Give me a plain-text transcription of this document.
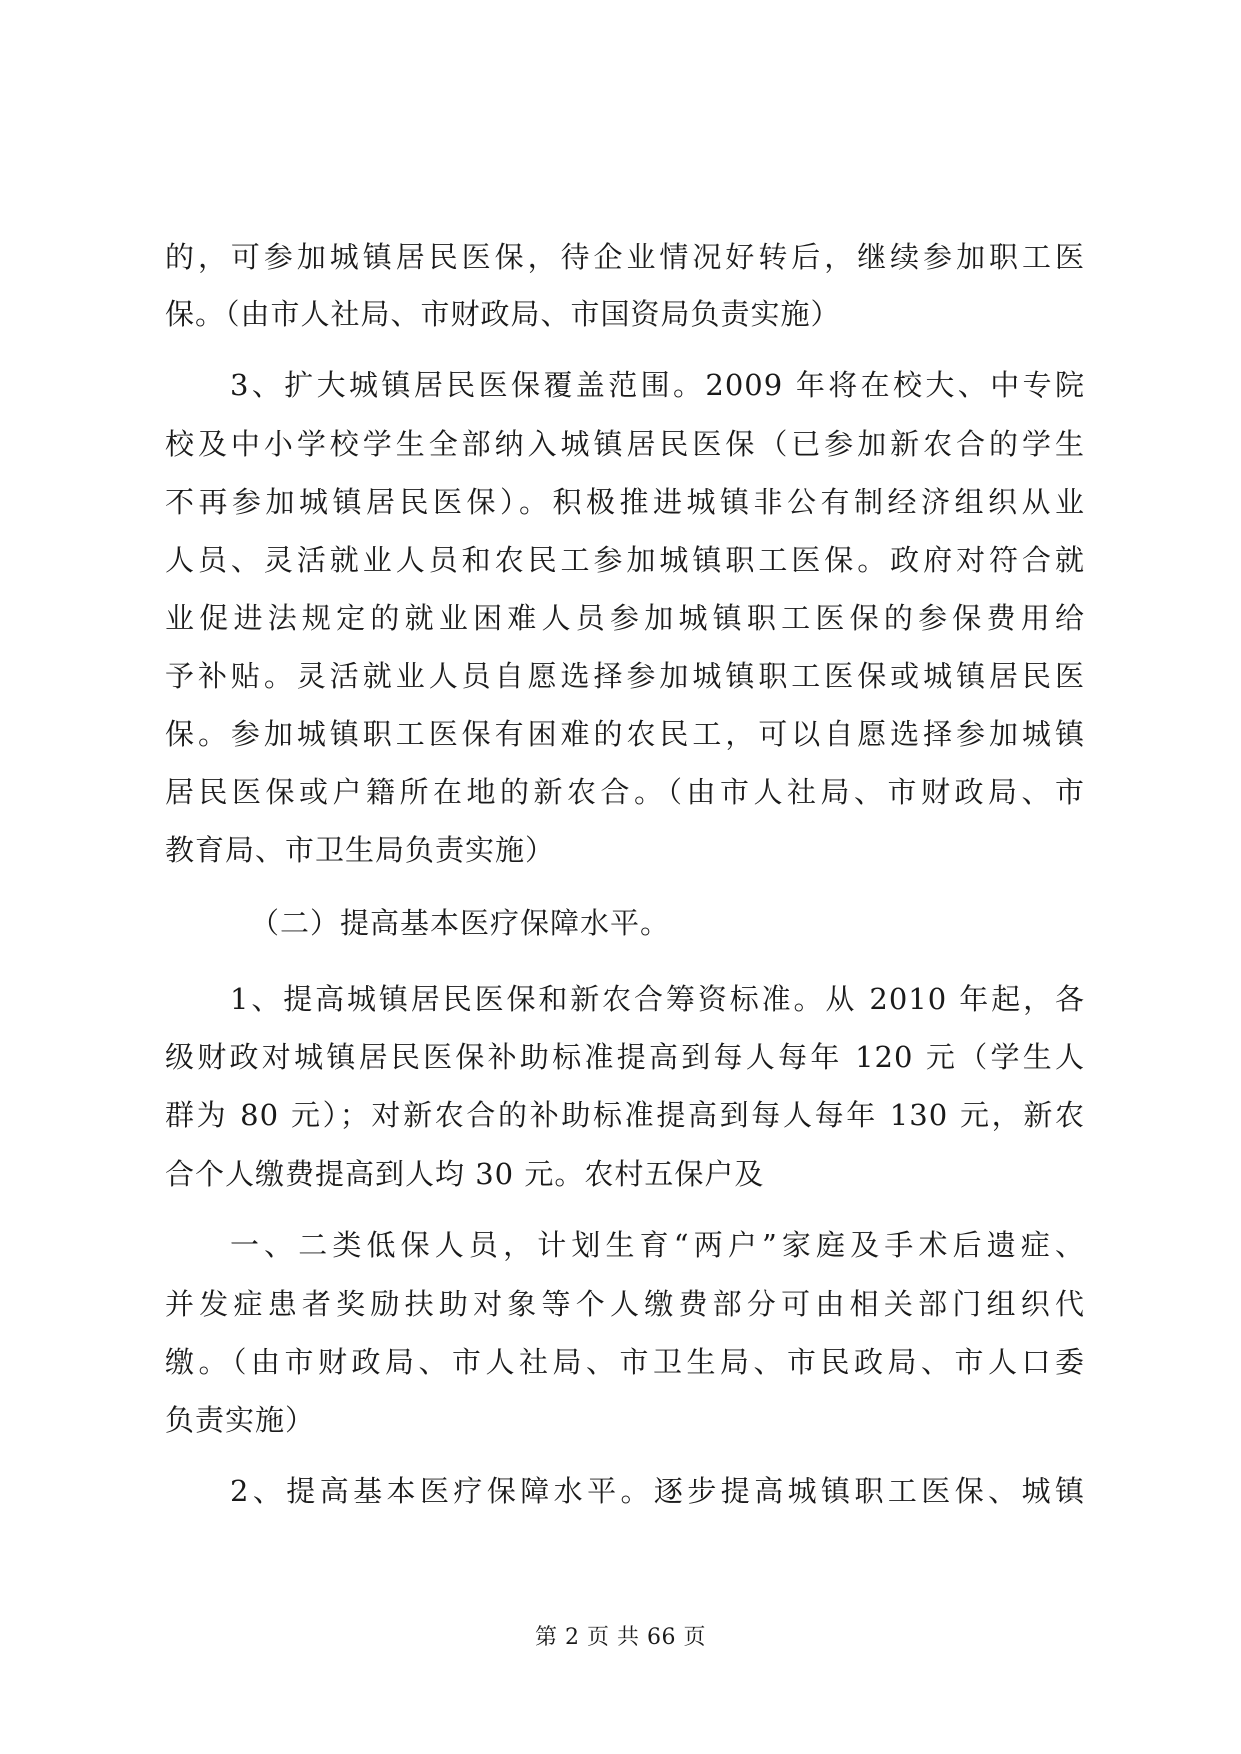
的，可参加城镇居民医保，待企业情况好转后，继续参加职工医
保。（由市人社局、市财政局、市国资局负责实施）
3、扩大城镇居民医保覆盖范围。2009 年将在校大、中专院
校及中小学校学生全部纳入城镇居民医保（已参加新农合的学生
不再参加城镇居民医保）。积极推进城镇非公有制经济组织从业
人员、灵活就业人员和农民工参加城镇职工医保。政府对符合就
业促进法规定的就业困难人员参加城镇职工医保的参保费用给
予补贴。灵活就业人员自愿选择参加城镇职工医保或城镇居民医
保。参加城镇职工医保有困难的农民工，可以自愿选择参加城镇
居民医保或户籍所在地的新农合。（由市人社局、市财政局、市
教育局、市卫生局负责实施）
（二）提高基本医疗保障水平。
1、提高城镇居民医保和新农合筹资标准。从 2010 年起，各
级财政对城镇居民医保补助标准提高到每人每年 120 元（学生人
群为 80 元）；对新农合的补助标准提高到每人每年 130 元，新农
合个人缴费提高到人均 30 元。农村五保户及
一、二类低保人员，计划生育“两户”家庭及手术后遗症、
并发症患者奖励扶助对象等个人缴费部分可由相关部门组织代
缴。（由市财政局、市人社局、市卫生局、市民政局、市人口委
负责实施）
2、提高基本医疗保障水平。逐步提高城镇职工医保、城镇
第 2 页 共 66 页
